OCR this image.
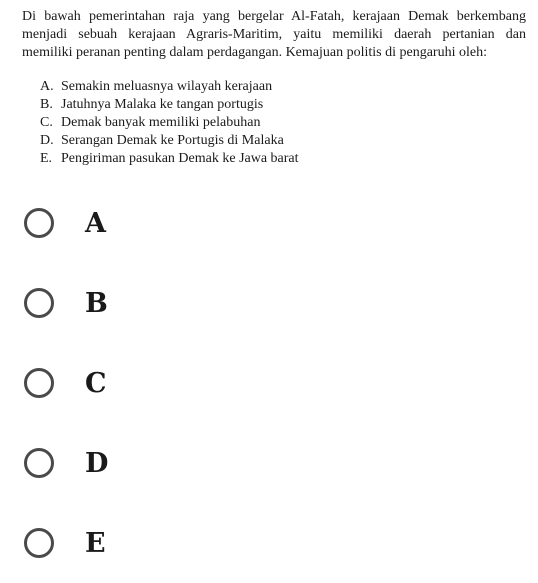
Di bawah pemerintahan raja yang bergelar Al-Fatah, kerajaan Demak berkembang
menjadi sebuah kerajaan Agraris-Maritim, yaitu memiliki daerah pertanian dan
memiliki peranan penting dalam perdagangan. Kemajuan politis di pengaruhi oleh:
A. Semakin meluasnya wilayah kerajaan
B. Jatuhnya Malaka ke tangan portugis
C. Demak banyak memiliki pelabuhan
D. Serangan Demak ke Portugis di Malaka
E. Pengiriman pasukan Demak ke Jawa barat
A
B
C
D
E
